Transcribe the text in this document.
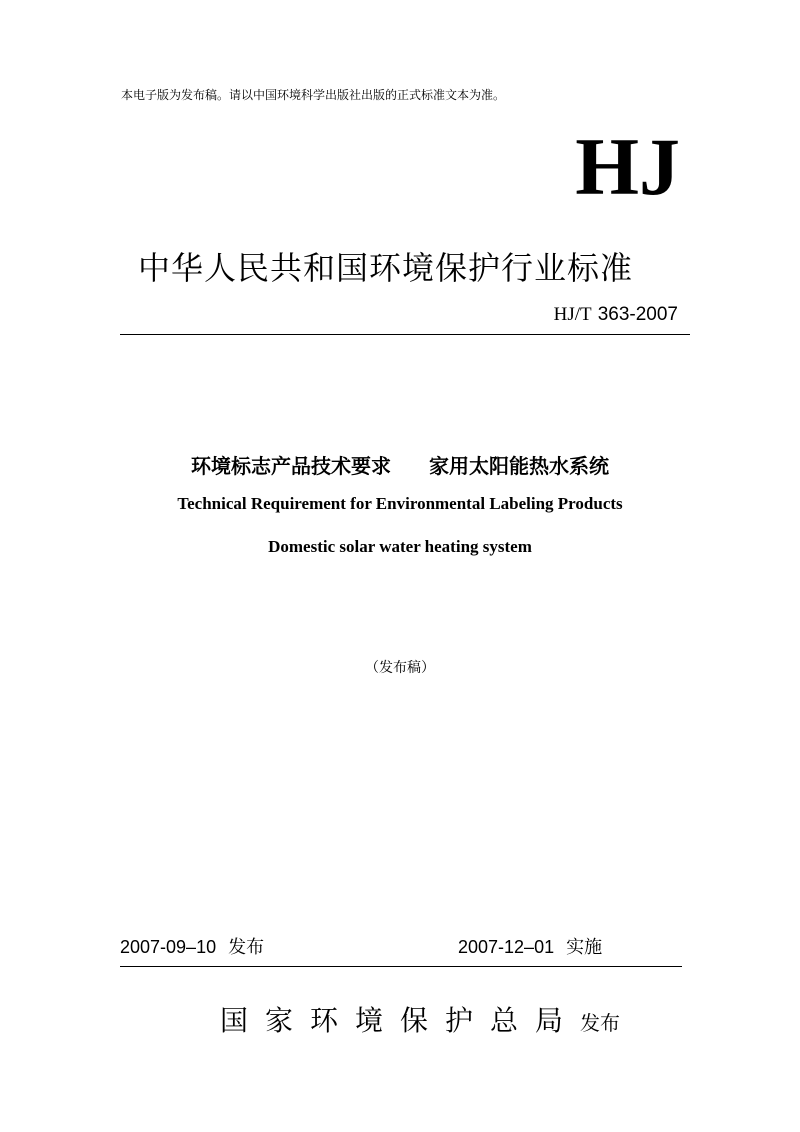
本电子版为发布稿。请以中国环境科学出版社出版的正式标准文本为准。
HJ
中华人民共和国环境保护行业标准
HJ/T 363-2007
环境标志产品技术要求 家用太阳能热水系统
Technical Requirement for Environmental Labeling Products
Domestic solar water heating system
（发布稿）
2007-09–10 发布	2007-12–01 实施
国家环境保护总局发布
